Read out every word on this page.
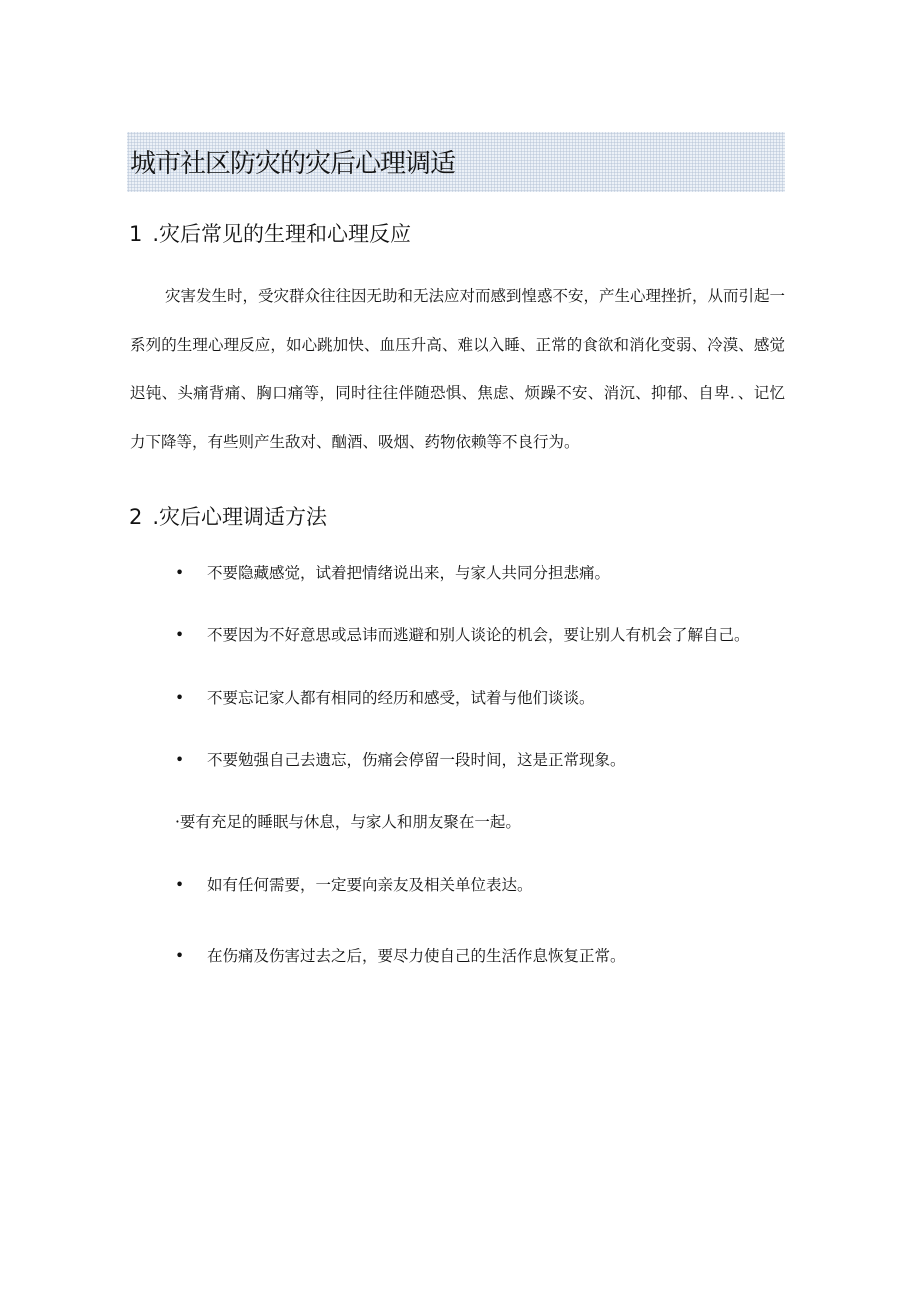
城市社区防灾的灾后心理调适
1 .灾后常见的生理和心理反应
灾害发生时，受灾群众往往因无助和无法应对而感到惶惑不安，产生心理挫折，从而引起一系列的生理心理反应，如心跳加快、血压升高、难以入睡、正常的食欲和消化变弱、冷漠、感觉迟钝、头痛背痛、胸口痛等，同时往往伴随恐惧、焦虑、烦躁不安、消沉、抑郁、自卑．、记忆力下降等，有些则产生敌对、酗酒、吸烟、药物依赖等不良行为。
2 .灾后心理调适方法
• 不要隐藏感觉，试着把情绪说出来，与家人共同分担悲痛。
• 不要因为不好意思或忌讳而逃避和别人谈论的机会，要让别人有机会了解自己。
• 不要忘记家人都有相同的经历和感受，试着与他们谈谈。
• 不要勉强自己去遗忘，伤痛会停留一段时间，这是正常现象。
·要有充足的睡眠与休息，与家人和朋友聚在一起。
• 如有任何需要，一定要向亲友及相关单位表达。
• 在伤痛及伤害过去之后，要尽力使自己的生活作息恢复正常。
